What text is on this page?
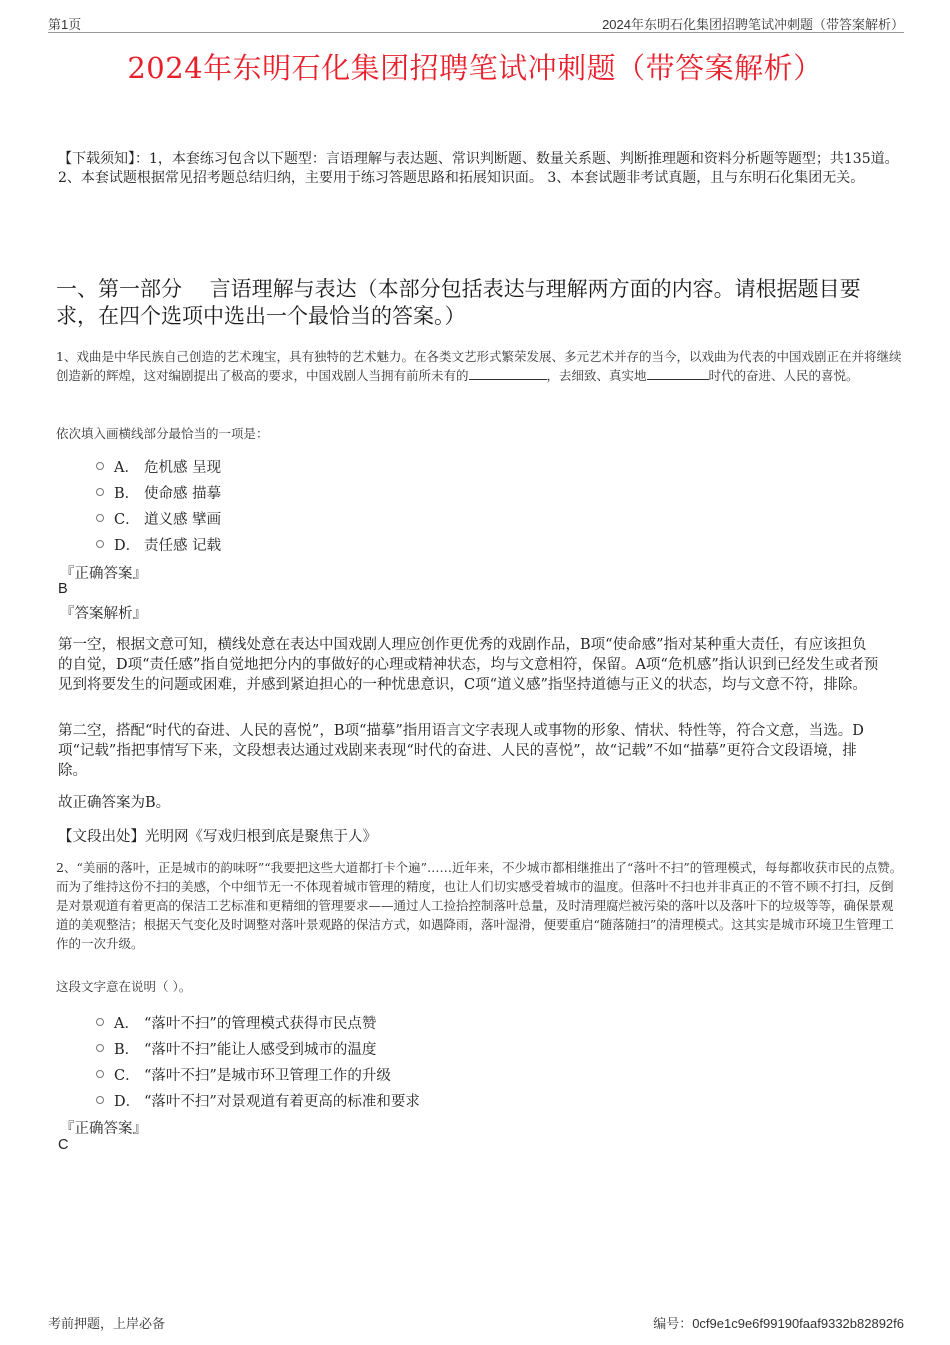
第1页	2024年东明石化集团招聘笔试冲刺题（带答案解析）
2024年东明石化集团招聘笔试冲刺题（带答案解析）
【下载须知】：1，本套练习包含以下题型：言语理解与表达题、常识判断题、数量关系题、判断推理题和资料分析题等题型；共135道。 2、本套试题根据常见招考题总结归纳，主要用于练习答题思路和拓展知识面。 3、本套试题非考试真题，且与东明石化集团无关。
一、第一部分　 言语理解与表达（本部分包括表达与理解两方面的内容。请根据题目要求，在四个选项中选出一个最恰当的答案。）
1、戏曲是中华民族自己创造的艺术瑰宝，具有独特的艺术魅力。在各类文艺形式繁荣发展、多元艺术并存的当今，以戏曲为代表的中国戏剧正在并将继续创造新的辉煌，这对编剧提出了极高的要求，中国戏剧人当拥有前所未有的	，去细致、真实地	时代的奋进、人民的喜悦。
依次填入画横线部分最恰当的一项是：
A． 危机感 呈现
B． 使命感 描摹
C． 道义感 擘画
D． 责任感 记载
『正确答案』
B
『答案解析』
第一空，根据文意可知，横线处意在表达中国戏剧人理应创作更优秀的戏剧作品，B项“使命感”指对某种重大责任，有应该担负的自觉，D项“责任感”指自觉地把分内的事做好的心理或精神状态，均与文意相符，保留。A项“危机感”指认识到已经发生或者预见到将要发生的问题或困难，并感到紧迫担心的一种忧患意识，C项“道义感”指坚持道德与正义的状态，均与文意不符，排除。
第二空，搭配“时代的奋进、人民的喜悦”，B项“描摹”指用语言文字表现人或事物的形象、情状、特性等，符合文意，当选。D项“记载”指把事情写下来，文段想表达通过戏剧来表现“时代的奋进、人民的喜悦”，故“记载”不如“描摹”更符合文段语境，排除。
故正确答案为B。
【文段出处】光明网《写戏归根到底是聚焦于人》
2、“美丽的落叶，正是城市的韵味呀”“我要把这些大道都打卡个遍”……近年来，不少城市都相继推出了“落叶不扫”的管理模式，每每都收获市民的点赞。而为了维持这份不扫的美感，个中细节无一不体现着城市管理的精度，也让人们切实感受着城市的温度。但落叶不扫也并非真正的不管不顾不打扫，反倒是对景观道有着更高的保洁工艺标准和更精细的管理要求——通过人工捡拾控制落叶总量，及时清理腐烂被污染的落叶以及落叶下的垃圾等等，确保景观道的美观整洁；根据天气变化及时调整对落叶景观路的保洁方式，如遇降雨，落叶湿滑，便要重启“随落随扫”的清理模式。这其实是城市环境卫生管理工作的一次升级。
这段文字意在说明（ ）。
A． “落叶不扫”的管理模式获得市民点赞
B． “落叶不扫”能让人感受到城市的温度
C． “落叶不扫”是城市环卫管理工作的升级
D． “落叶不扫”对景观道有着更高的标准和要求
『正确答案』
C
考前押题，上岸必备	编号：0cf9e1c9e6f99190faaf9332b82892f6
